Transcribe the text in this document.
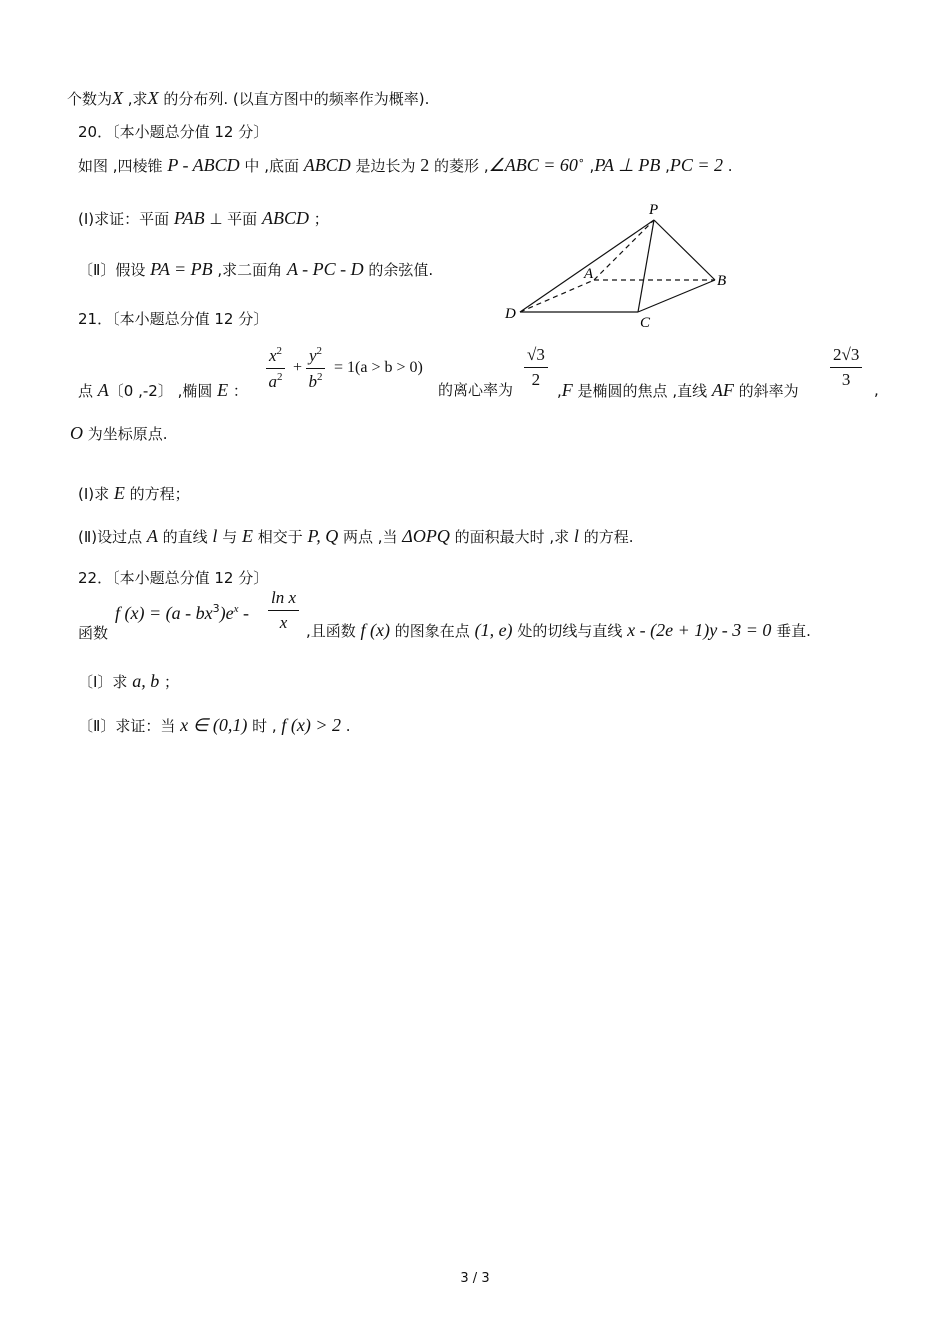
个数为X ,求X 的分布列. (以直方图中的频率作为概率).
20．〔本小题总分值 12 分〕
如图 ,四棱锥 P - ABCD 中 ,底面 ABCD 是边长为 2 的菱形 ,∠ABC = 60∘ ,PA ⊥ PB ,PC = 2 .
(Ⅰ)求证：平面 PAB ⊥ 平面 ABCD ；
〔Ⅱ〕假设 PA = PB ,求二面角 A - PC - D 的余弦值.
P
A	B
C
D
21．〔本小题总分值 12 分〕
点 A〔0 ,-2〕 ,椭圆 E ： $\frac{x^2}{a^2} + \frac{y^2}{b^2} = 1(a > b > 0)$
的离心率为 $\frac{√3}{2}$
,F 是椭圆的焦点 ,直线 AF 的斜率为
$\frac{2√3}{3}$ ,
O 为坐标原点.
(Ⅰ)求 E 的方程；
(Ⅱ)设过点 A 的直线 l 与 E 相交于 P, Q 两点 ,当 ΔOPQ 的面积最大时 ,求 l 的方程.
22．〔本小题总分值 12 分〕
函数
f $(x) = (a - bx^3)e^x - \frac{\text{ln x}}{x}$ ,且函数 f (x) 的图象在点 (1, e) 处的切线与直线 x - (2e + 1)y - 3 = 0 垂直.
〔Ⅰ〕求 a, b ；
〔Ⅱ〕求证：当 x ∈ (0,1) 时 , f (x) > 2 .
3 / 3
